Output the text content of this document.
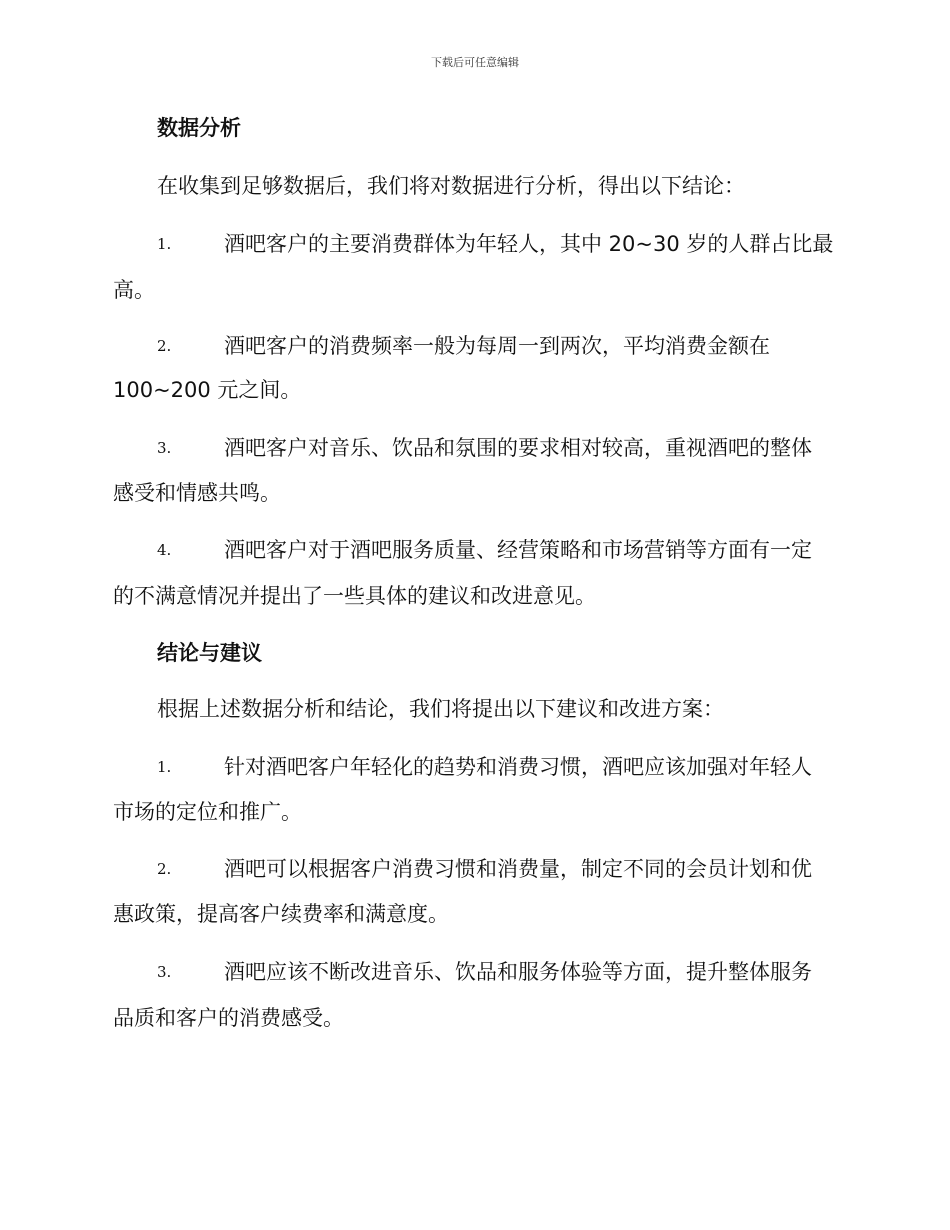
下载后可任意编辑
数据分析
在收集到足够数据后，我们将对数据进行分析，得出以下结论：
1.	酒吧客户的主要消费群体为年轻人，其中 20~30 岁的人群占比最
高。
2.	酒吧客户的消费频率一般为每周一到两次，平均消费金额在
100~200 元之间。
3.	酒吧客户对音乐、饮品和氛围的要求相对较高，重视酒吧的整体
感受和情感共鸣。
4.	酒吧客户对于酒吧服务质量、经营策略和市场营销等方面有一定
的不满意情况并提出了一些具体的建议和改进意见。
结论与建议
根据上述数据分析和结论，我们将提出以下建议和改进方案：
1.	针对酒吧客户年轻化的趋势和消费习惯，酒吧应该加强对年轻人
市场的定位和推广。
2.	酒吧可以根据客户消费习惯和消费量，制定不同的会员计划和优
惠政策，提高客户续费率和满意度。
3.	酒吧应该不断改进音乐、饮品和服务体验等方面，提升整体服务
品质和客户的消费感受。
